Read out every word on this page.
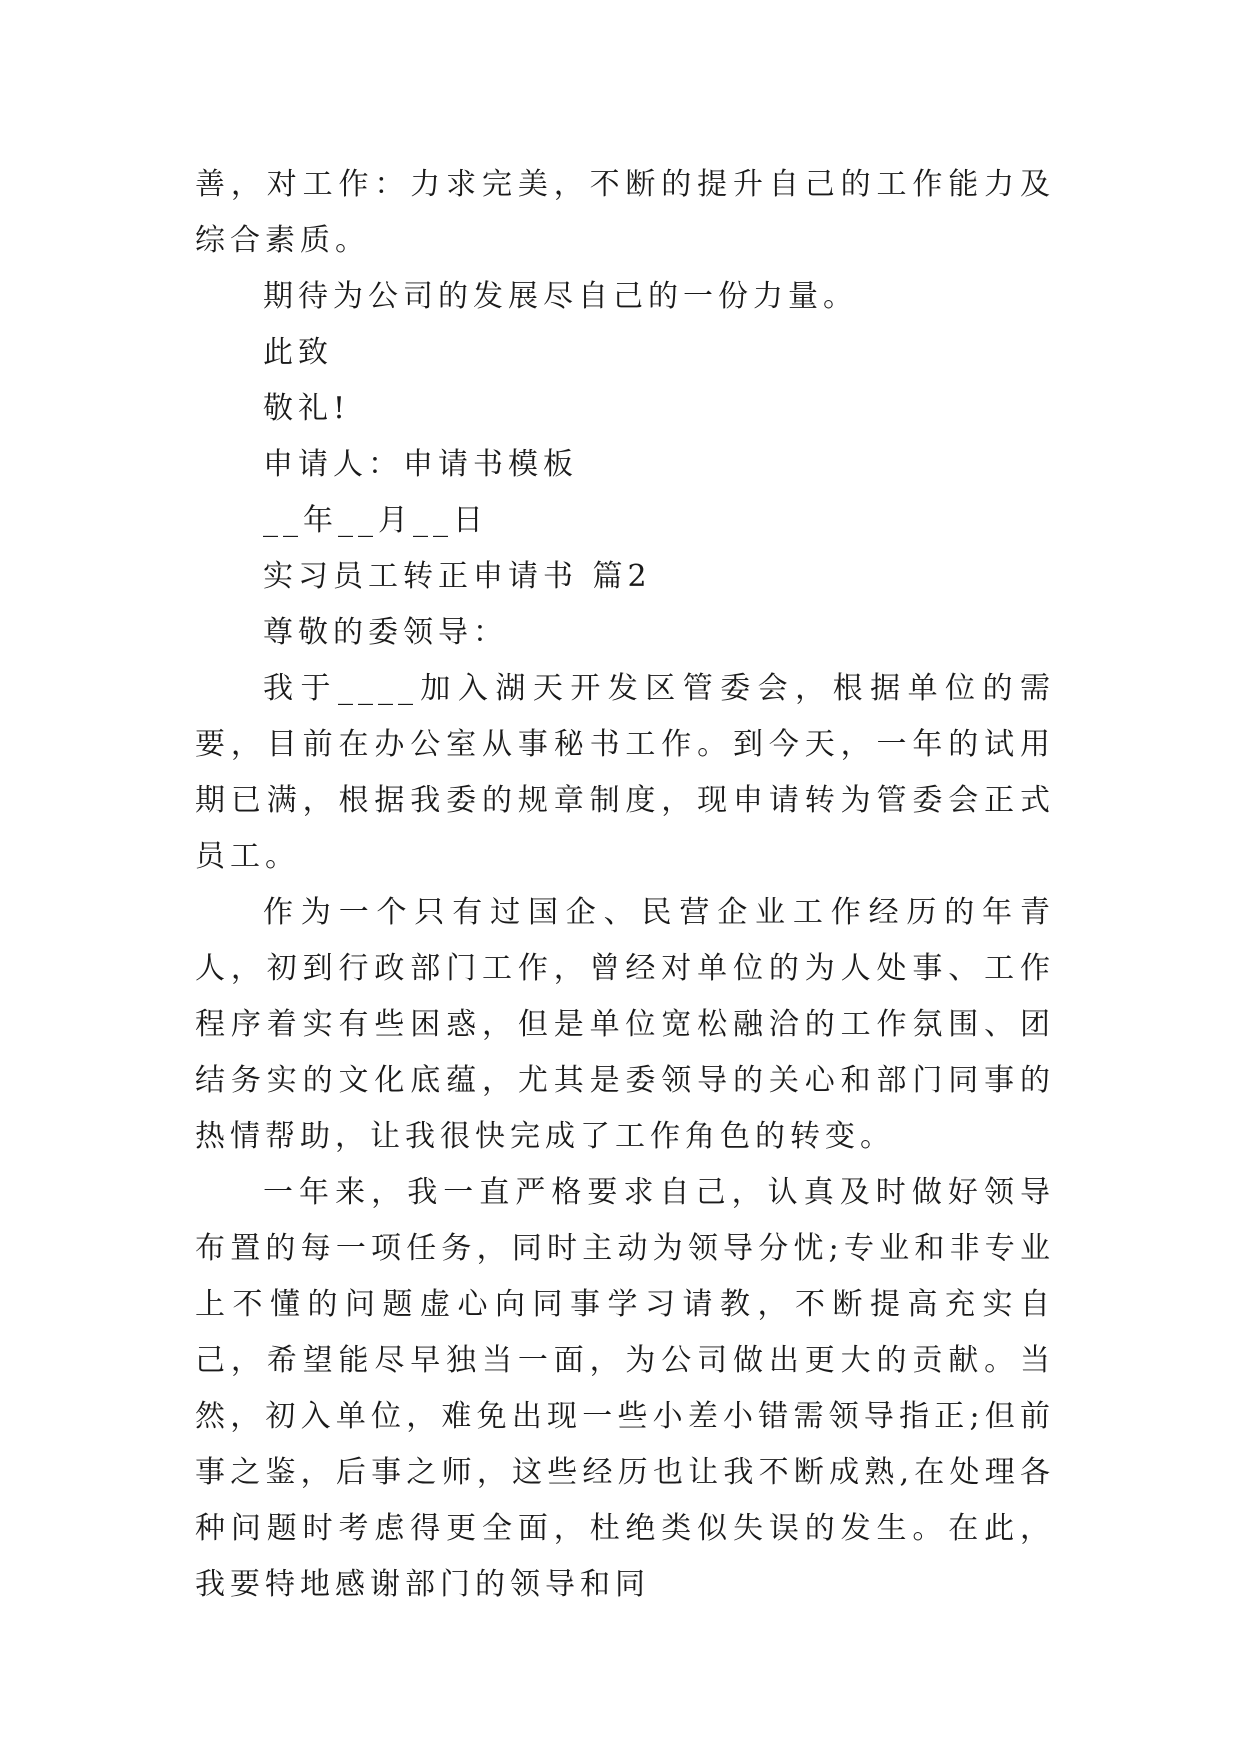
善，对工作：力求完美，不断的提升自己的工作能力及综合素质。

期待为公司的发展尽自己的一份力量。

此致

敬礼!

申请人：申请书模板

__年__月__日

实习员工转正申请书 篇2

尊敬的委领导：

我于____加入湖天开发区管委会，根据单位的需要，目前在办公室从事秘书工作。到今天，一年的试用期已满，根据我委的规章制度，现申请转为管委会正式员工。

作为一个只有过国企、民营企业工作经历的年青人，初到行政部门工作，曾经对单位的为人处事、工作程序着实有些困惑，但是单位宽松融洽的工作氛围、团结务实的文化底蕴，尤其是委领导的关心和部门同事的热情帮助，让我很快完成了工作角色的转变。

一年来，我一直严格要求自己，认真及时做好领导布置的每一项任务，同时主动为领导分忧;专业和非专业上不懂的问题虚心向同事学习请教，不断提高充实自己，希望能尽早独当一面，为公司做出更大的贡献。当然，初入单位，难免出现一些小差小错需领导指正;但前事之鉴，后事之师，这些经历也让我不断成熟,在处理各种问题时考虑得更全面，杜绝类似失误的发生。在此，我要特地感谢部门的领导和同
